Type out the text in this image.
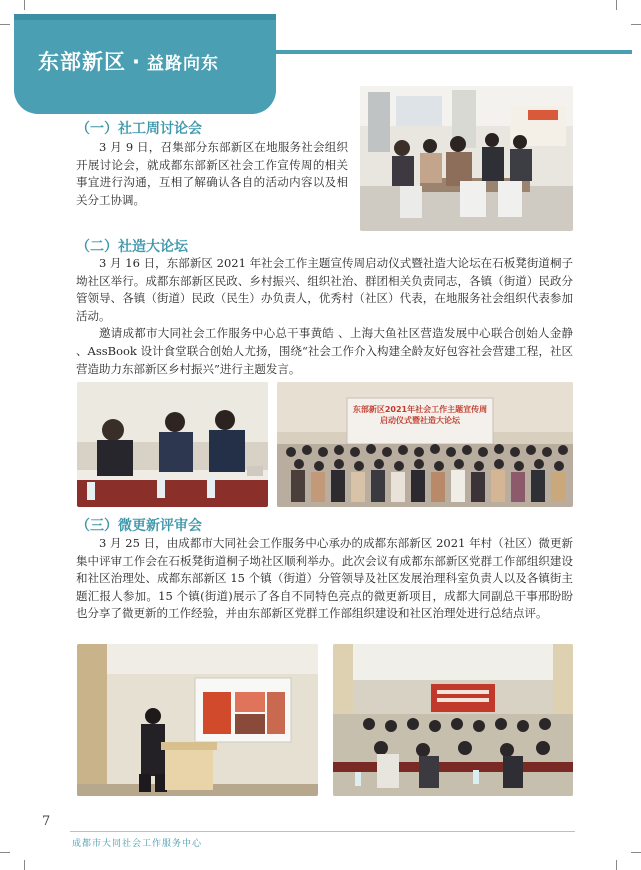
东部新区 · 益路向东
（一）社工周讨论会

3 月 9 日，召集部分东部新区在地服务社会组织开展讨论会，就成都东部新区社会工作宣传周的相关事宜进行沟通，互相了解确认各自的活动内容以及相关分工协调。

（二）社造大论坛

3 月 16 日，东部新区 2021 年社会工作主题宣传周启动仪式暨社造大论坛在石板凳街道桐子坳社区举行。成都东部新区民政、乡村振兴、组织社治、群团相关负责同志，各镇（街道）民政分管领导、各镇（街道）民政（民生）办负责人，优秀村（社区）代表，在地服务社会组织代表参加活动。

邀请成都市大同社会工作服务中心总干事黄皓 、上海大鱼社区营造发展中心联合创始人金静 、AssBook 设计食堂联合创始人尤扬，围绕“社会工作介入构建全龄友好包容社会营建工程，社区营造助力东部新区乡村振兴”进行主题发言。

东部新区2021年社会工作主题宣传周
启动仪式暨社造大论坛
（三）微更新评审会

3 月 25 日，由成都市大同社会工作服务中心承办的成都东部新区 2021 年村（社区）微更新集中评审工作会在石板凳街道桐子坳社区顺利举办。此次会议有成都东部新区党群工作部组织建设和社区治理处、成都东部新区 15 个镇（街道）分管领导及社区发展治理科室负责人以及各镇街主题汇报人参加。15 个镇(街道)展示了各自不同特色亮点的微更新项目，成都大同副总干事邢盼盼也分享了微更新的工作经验，并由东部新区党群工作部组织建设和社区治理处进行总结点评。

7
成都市大同社会工作服务中心
